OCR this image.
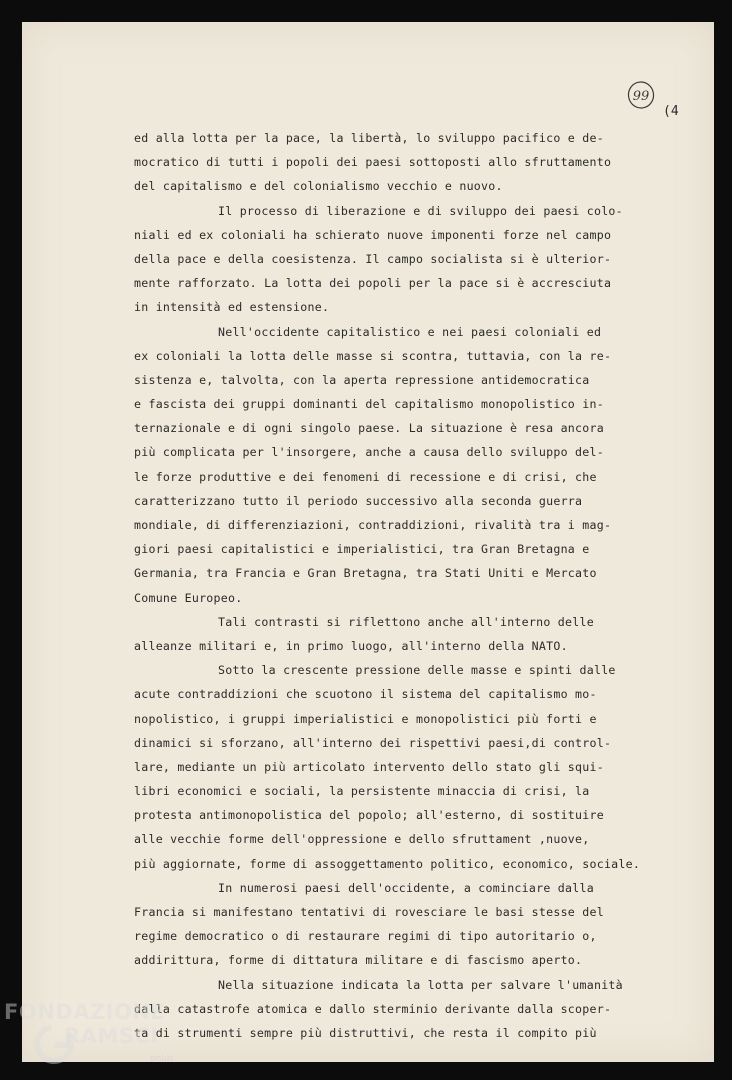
99
(4
ed alla lotta per la pace, la libertà, lo sviluppo pacifico e de-
mocratico di tutti i popoli dei paesi sottoposti allo sfruttamento
del capitalismo e del colonialismo vecchio e nuovo.
Il processo di liberazione e di sviluppo dei paesi colo-
niali ed ex coloniali ha schierato nuove imponenti forze nel campo
della pace e della coesistenza. Il campo socialista si è ulterior-
mente rafforzato. La lotta dei popoli per la pace si è accresciuta
in intensità ed estensione.
Nell'occidente capitalistico e nei paesi coloniali ed
ex coloniali la lotta delle masse si scontra, tuttavia, con la re-
sistenza e, talvolta, con la aperta repressione antidemocratica
e fascista dei gruppi dominanti del capitalismo monopolistico in-
ternazionale e di ogni singolo paese. La situazione è resa ancora
più complicata per l'insorgere, anche a causa dello sviluppo del-
le forze produttive e dei fenomeni di recessione e di crisi, che
caratterizzano tutto il periodo successivo alla seconda guerra
mondiale, di differenziazioni, contraddizioni, rivalità tra i mag-
giori paesi capitalistici e imperialistici, tra Gran Bretagna e
Germania, tra Francia e Gran Bretagna, tra Stati Uniti e Mercato
Comune Europeo.
Tali contrasti si riflettono anche all'interno delle
alleanze militari e, in primo luogo, all'interno della NATO.
Sotto la crescente pressione delle masse e spinti dalle
acute contraddizioni che scuotono il sistema del capitalismo mo-
nopolistico, i gruppi imperialistici e monopolistici più forti e
dinamici si sforzano, all'interno dei rispettivi paesi,di control-
lare, mediante un più articolato intervento dello stato gli squi-
libri economici e sociali, la persistente minaccia di crisi, la
protesta antimonopolistica del popolo; all'esterno, di sostituire
alle vecchie forme dell'oppressione e dello sfruttament ,nuove,
più aggiornate, forme di assoggettamento politico, economico, sociale.
In numerosi paesi dell'occidente, a cominciare dalla
Francia si manifestano tentativi di rovesciare le basi stesse del
regime democratico o di restaurare regimi di tipo autoritario o,
addirittura, forme di dittatura militare e di fascismo aperto.
Nella situazione indicata la lotta per salvare l'umanità
dalla catastrofe atomica e dallo sterminio derivante dalla scoper-
ta di strumenti sempre più distruttivi, che resta il compito più
FONDAZIONE
RAMSCI
onlus
